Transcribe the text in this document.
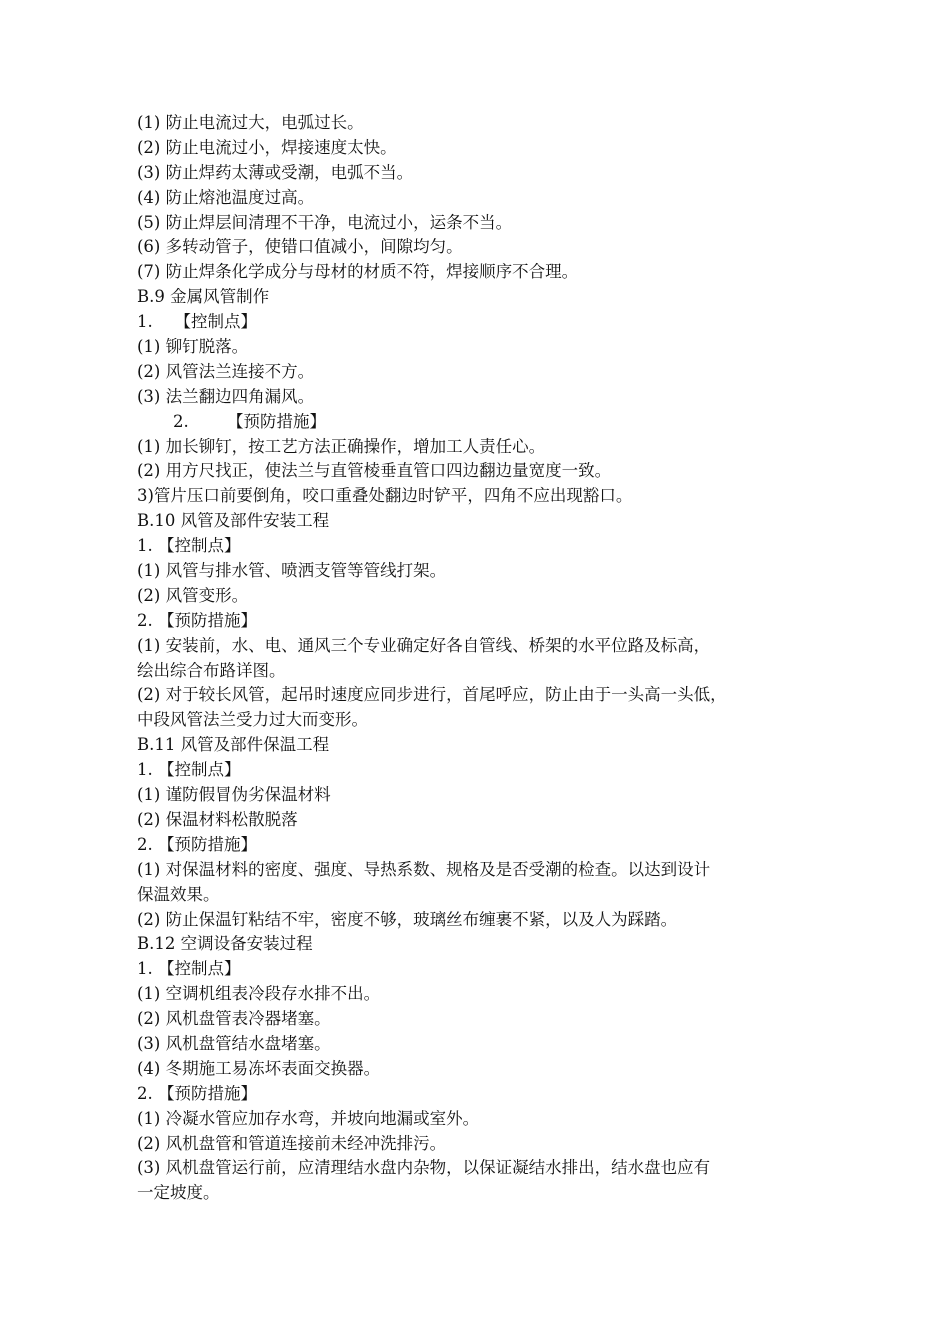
(1) 防止电流过大，电弧过长。
(2) 防止电流过小，焊接速度太快。
(3) 防止焊药太薄或受潮，电弧不当。
(4) 防止熔池温度过高。
(5) 防止焊层间清理不干净，电流过小，运条不当。
(6) 多转动管子，使错口值减小，间隙均匀。
(7) 防止焊条化学成分与母材的材质不符，焊接顺序不合理。
B.9 金属风管制作
1.　 【控制点】
(1) 铆钉脱落。
(2) 风管法兰连接不方。
(3) 法兰翻边四角漏风。
2.　　 【预防措施】
(1) 加长铆钉，按工艺方法正确操作，增加工人责任心。
(2) 用方尺找正，使法兰与直管棱垂直管口四边翻边量宽度一致。
3)管片压口前要倒角，咬口重叠处翻边时铲平，四角不应出现豁口。
B.10 风管及部件安装工程
1. 【控制点】
(1) 风管与排水管、喷洒支管等管线打架。
(2) 风管变形。
2. 【预防措施】
(1) 安装前，水、电、通风三个专业确定好各自管线、桥架的水平位路及标高，
绘出综合布路详图。
(2) 对于较长风管，起吊时速度应同步进行，首尾呼应，防止由于一头高一头低，
中段风管法兰受力过大而变形。
B.11 风管及部件保温工程
1. 【控制点】
(1) 谨防假冒伪劣保温材料
(2) 保温材料松散脱落
2. 【预防措施】
(1) 对保温材料的密度、强度、导热系数、规格及是否受潮的检查。以达到设计
保温效果。
(2) 防止保温钉粘结不牢，密度不够，玻璃丝布缠裹不紧，以及人为踩踏。
B.12 空调设备安装过程
1. 【控制点】
(1) 空调机组表冷段存水排不出。
(2) 风机盘管表冷器堵塞。
(3) 风机盘管结水盘堵塞。
(4) 冬期施工易冻坏表面交换器。
2. 【预防措施】
(1) 冷凝水管应加存水弯，并坡向地漏或室外。
(2) 风机盘管和管道连接前未经冲洗排污。
(3) 风机盘管运行前，应清理结水盘内杂物，以保证凝结水排出，结水盘也应有
一定坡度。
